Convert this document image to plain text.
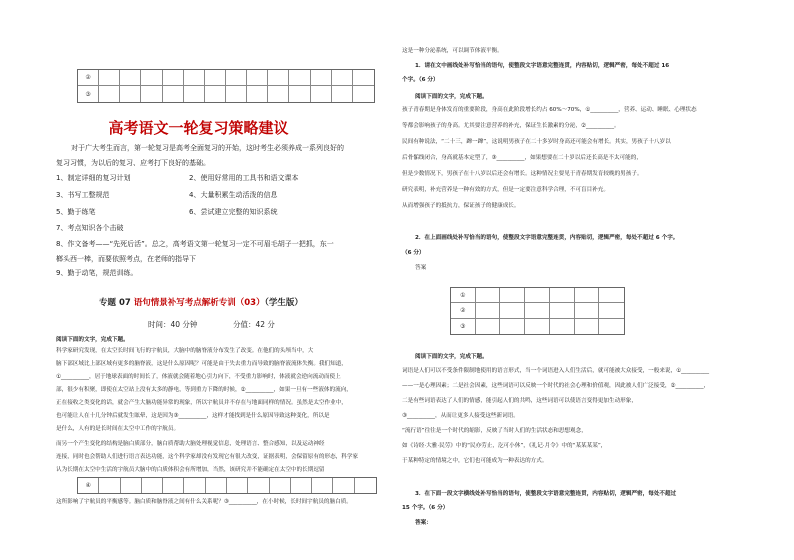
②
③
高考语文一轮复习策略建议
对于广大考生而言，第一轮复习是高考全面复习的开始，这时考生必须养成一系列良好的
复习习惯，为以后的复习、应考打下良好的基础。
1、制定详细的复习计划	2、使用好常用的工具书和语文课本
3、书写工整规范	4、大量积累生动活泼的信息
5、勤于练笔	6、尝试建立完整的知识系统
7、考点知识各个击破
8、作文备考——“先死后活”。总之，高考语文第一轮复习一定不可眉毛胡子一把抓，东一
榔头西一棒，而要依照考点，在老师的指导下
9、勤于动笔，规范训练。
专题 07 语句情景补写考点解析专训（03）（学生版）
时间：40 分钟	分值：42 分
阅读下面的文字，完成下题。
科学家研究发现，在太空长时间飞行的宇航员，大脑中的脑脊液分布发生了改变。在他们的头颅当中，大
脑下部区域比上部区域有更多的脑脊液，这是什么原因呢？可能是由于失去重力而导致的脑脊液流体失衡。我们知道，
①__________，居于地球表面的时间长了，体液就会随着地心引力向下，不受重力影响时，体液就会逆向流动而使上
部，很少有积聚，即使在太空站上没有太多的静电，等到重力下降的时候，②__________，如果一旦有一些液体的流向，
正在接收之类变化的话，就会产生大脑功能异常的现象，所以宇航员并不存在与地面同样的情况。虽然是太空作业中，
也可能让人在十几分钟后就发生眩晕，这是因为③__________，这样才能找到是什么原因导致这种变化，所以是
是什么，人有的是长时间在太空中工作的宇航员。
而另一个产生变化的结构是脑白质部分，脑白质帮助大脑处理视觉信息，处理语言、整合感知，以及运动神经
连接，同时也会帮助人们进行语言表达功能，这个科学家却没有发现它有很大改变，证据表明，会保留原有的形态，科学家
认为长期在太空中生活的宇航员大脑中的白质体积会有所增加，当然，该研究并不能确定在太空中的长期逗留
④
这所影响了宇航员的平衡感等。脑白质和脑脊液之间有什么关系呢？③__________，在小时候，长时间宇航员的脑白质。
这是一种分泌系统，可以调节体液平衡。
1．请在文中画线处补写恰当的语句，使整段文字语意完整连贯，内容贴切，逻辑严密，每处不超过 16
个字。（6 分）
阅读下面的文字，完成下题。
孩子青春期是身体发育的重要阶段，身高在此阶段增长约占 60%～70%，①__________，营养、运动、睡眠、心理状态
等都会影响孩子的身高。尤其要注意营养的补充，保证生长激素的分泌，②__________。
民间有种说法，“二十三，蹿一蹿”，这说明男孩子在二十多岁时身高还可能会有增长。其实，男孩子十八岁以
后骨骺线闭合，身高就基本定型了，③__________，如果想要在二十岁以后还长高是不太可能的，
但是少数情况下，男孩子在十八岁以后还会有增长。这种情况主要见于青春期发育较晚的男孩子。
研究表明，补充营养是一种有效的方式，但是一定要注意科学合理，不可盲目补充。
从而增强孩子的抵抗力，保证孩子的健康成长。
2．在上面画线处补写恰当的语句，使整段文字语意完整连贯，内容贴切，逻辑严密，每处不超过 6 个字。
（6 分）
答案
①
②
③
阅读下面的文字，完成下题。
词语是人们可以不受条件限制地使用的语言形式，当一个词语进入人们生活后，就可能被大众接受，一般来说，①__________
——一是心理因素；二是社会因素，这些词语可以反映一个时代的社会心理和价值观，因此被人们广泛接受，②__________，
二是有些词语表达了人们的情感，能引起人们的共鸣，这些词语可以使语言变得更加生动形象，
③__________，从而让更多人接受这些新词语。
“流行语”往往是一个时代的缩影，反映了当时人们的生活状态和思想观念，
如《诗经·大雅·民劳》中的“民亦劳止，汔可小休”，《礼记·月令》中的“某某某某”，
于某种特定的情境之中，它们也可能成为一种表达的方式。
3．在下面一段文字横线处补写恰当的语句，使整段文字语意完整连贯，内容贴切，逻辑严密，每处不超过
15 个字。（6 分）
答案：
